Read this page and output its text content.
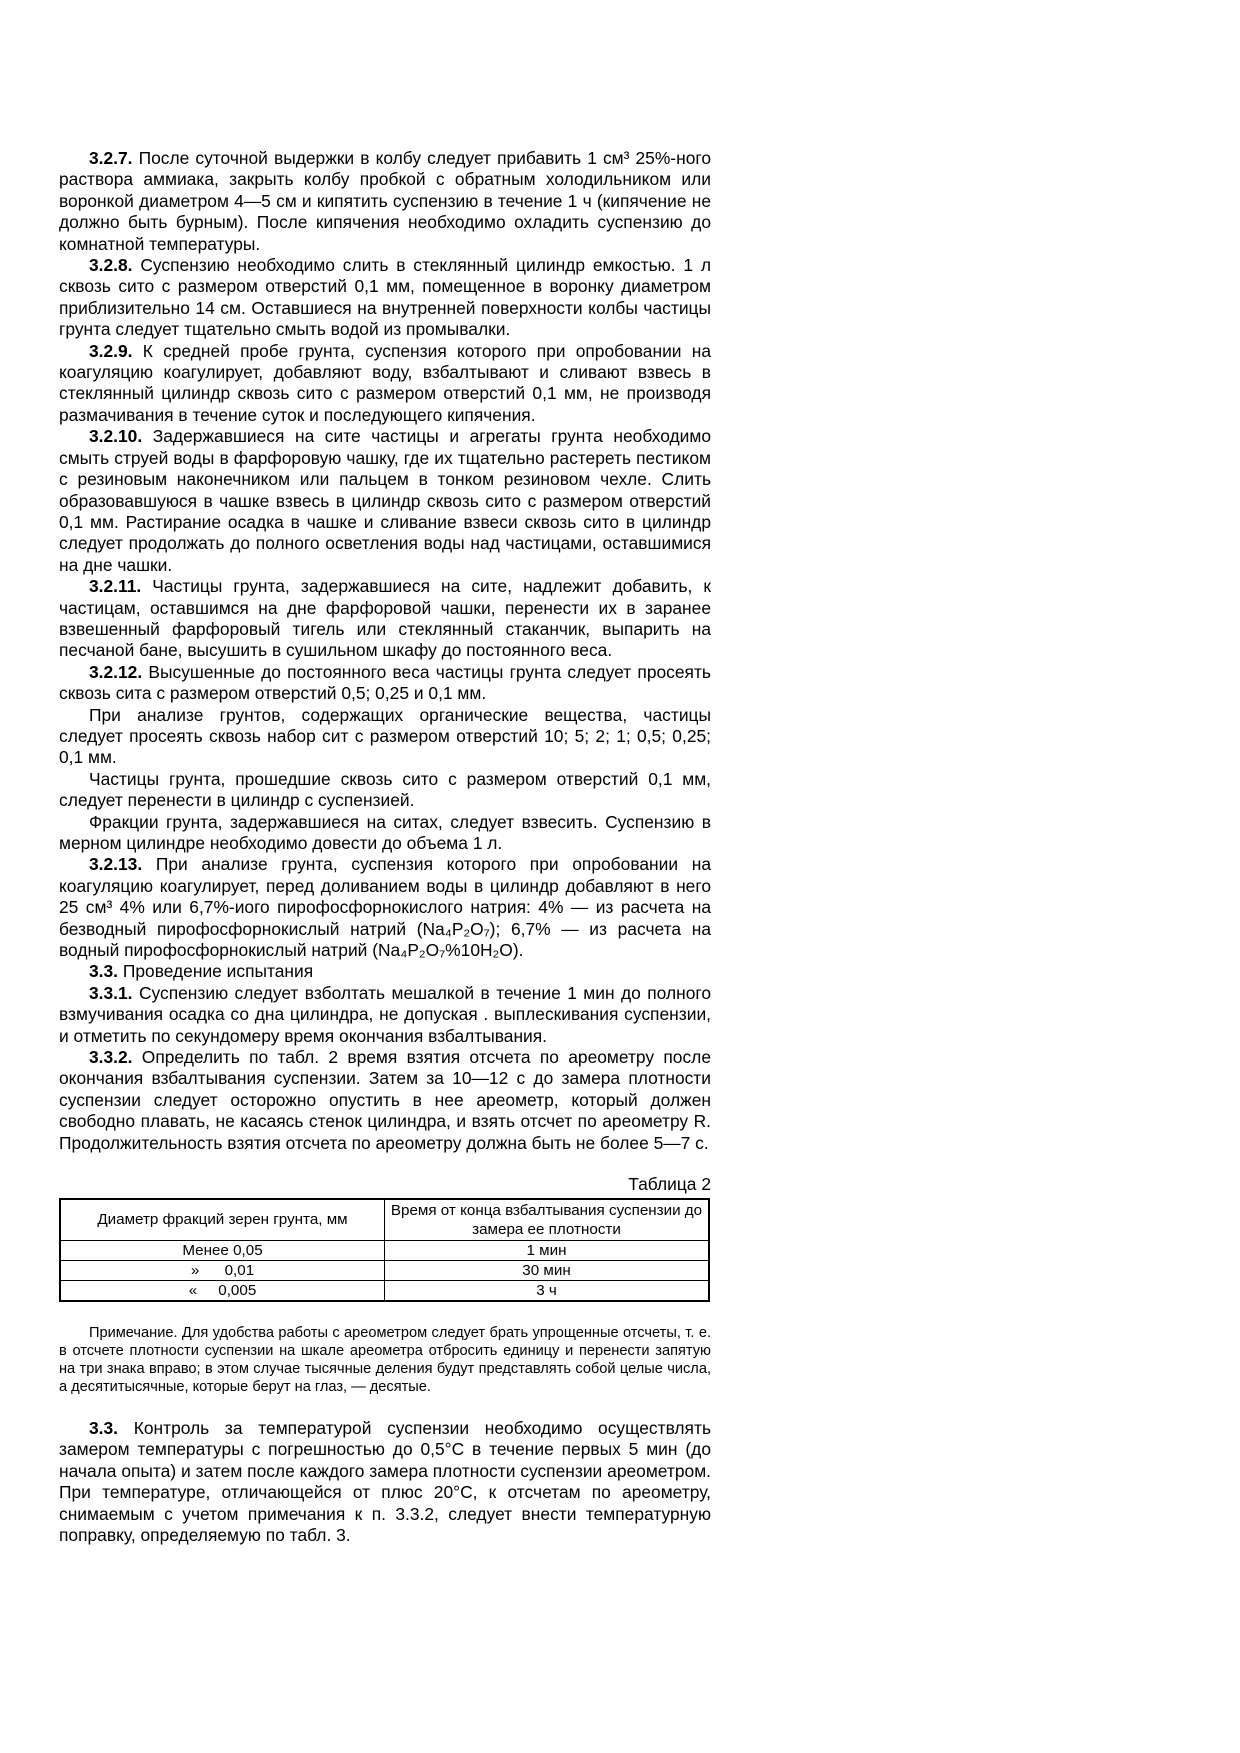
3.2.7. После суточной выдержки в колбу следует прибавить 1 см³ 25%-ного раствора аммиака, закрыть колбу пробкой с обратным холодильником или воронкой диаметром 4—5 см и кипятить суспензию в течение 1 ч (кипячение не должно быть бурным). После кипячения необходимо охладить суспензию до комнатной температуры.

3.2.8. Суспензию необходимо слить в стеклянный цилиндр емкостью. 1 л сквозь сито с размером отверстий 0,1 мм, помещенное в воронку диаметром приблизительно 14 см. Оставшиеся на внутренней поверхности колбы частицы грунта следует тщательно смыть водой из промывалки.

3.2.9. К средней пробе грунта, суспензия которого при опробовании на коагуляцию коагулирует, добавляют воду, взбалтывают и сливают взвесь в стеклянный цилиндр сквозь сито с размером отверстий 0,1 мм, не производя размачивания в течение суток и последующего кипячения.

3.2.10. Задержавшиеся на сите частицы и агрегаты грунта необходимо смыть струей воды в фарфоровую чашку, где их тщательно растереть пестиком с резиновым наконечником или пальцем в тонком резиновом чехле. Слить образовавшуюся в чашке взвесь в цилиндр сквозь сито с размером отверстий 0,1 мм. Растирание осадка в чашке и сливание взвеси сквозь сито в цилиндр следует продолжать до полного осветления воды над частицами, оставшимися на дне чашки.

3.2.11. Частицы грунта, задержавшиеся на сите, надлежит добавить, к частицам, оставшимся на дне фарфоровой чашки, перенести их в заранее взвешенный фарфоровый тигель или стеклянный стаканчик, выпарить на песчаной бане, высушить в сушильном шкафу до постоянного веса.

3.2.12. Высушенные до постоянного веса частицы грунта следует просеять сквозь сита с размером отверстий 0,5; 0,25 и 0,1 мм.

При анализе грунтов, содержащих органические вещества, частицы следует просеять сквозь набор сит с размером отверстий 10; 5; 2; 1; 0,5; 0,25; 0,1 мм.

Частицы грунта, прошедшие сквозь сито с размером отверстий 0,1 мм, следует перенести в цилиндр с суспензией.

Фракции грунта, задержавшиеся на ситах, следует взвесить. Суспензию в мерном цилиндре необходимо довести до объема 1 л.

3.2.13. При анализе грунта, суспензия которого при опробовании на коагуляцию коагулирует, перед доливанием воды в цилиндр добавляют в него 25 см³ 4% или 6,7%-иого пирофосфорнокислого натрия: 4% — из расчета на безводный пирофосфорнокислый натрий (Na₄P₂O₇); 6,7% — из расчета на водный пирофосфорнокислый натрий (Na₄P₂O₇%10H₂O).

3.3. Проведение испытания

3.3.1. Суспензию следует взболтать мешалкой в течение 1 мин до полного взмучивания осадка со дна цилиндра, не допуская . выплескивания суспензии, и отметить по секундомеру время окончания взбалтывания.

3.3.2. Определить по табл. 2 время взятия отсчета по ареометру после окончания взбалтывания суспензии. Затем за 10—12 с до замера плотности суспензии следует осторожно опустить в нее ареометр, который должен свободно плавать, не касаясь стенок цилиндра, и взять отсчет по ареометру R. Продолжительность взятия отсчета по ареометру должна быть не более 5—7 с.

Таблица 2
Диаметр фракций зерен грунта, мм	Время от конца взбалтывания суспензии до замера ее плотности
Менее 0,05	1 мин
»      0,01	30 мин
«     0,005	3 ч

Примечание. Для удобства работы с ареометром следует брать упрощенные отсчеты, т. е. в отсчете плотности суспензии на шкале ареометра отбросить единицу и перенести запятую на три знака вправо; в этом случае тысячные деления будут представлять собой целые числа, а десятитысячные, которые берут на глаз, — десятые.

3.3. Контроль за температурой суспензии необходимо осуществлять замером температуры с погрешностью до 0,5°С в течение первых 5 мин (до начала опыта) и затем после каждого замера плотности суспензии ареометром. При температуре, отличающейся от плюс 20°С, к отсчетам по ареометру, снимаемым с учетом примечания к п. 3.3.2, следует внести температурную поправку, определяемую по табл. 3.
